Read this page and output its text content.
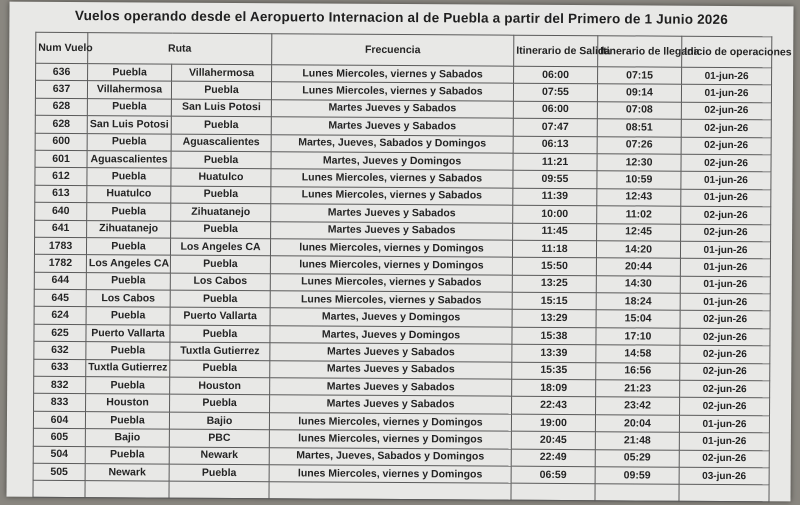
Vuelos operando desde el Aeropuerto Internacion al de Puebla a partir del Primero de 1 Junio 2026
Num Vuelo	Ruta		Frecuencia	Itinerario de Salida	Itinerario de llegada	Inicio de operaciones
636	Puebla	Villahermosa	Lunes Miercoles, viernes y Sabados	06:00	07:15	01-jun-26
637	Villahermosa	Puebla	Lunes Miercoles, viernes y Sabados	07:55	09:14	01-jun-26
628	Puebla	San Luis Potosi	Martes Jueves y Sabados	06:00	07:08	02-jun-26
628	San Luis Potosi	Puebla	Martes Jueves y Sabados	07:47	08:51	02-jun-26
600	Puebla	Aguascalientes	Martes, Jueves, Sabados y Domingos	06:13	07:26	02-jun-26
601	Aguascalientes	Puebla	Martes, Jueves y Domingos	11:21	12:30	02-jun-26
612	Puebla	Huatulco	Lunes Miercoles, viernes y Sabados	09:55	10:59	01-jun-26
613	Huatulco	Puebla	Lunes Miercoles, viernes y Sabados	11:39	12:43	01-jun-26
640	Puebla	Zihuatanejo	Martes Jueves y Sabados	10:00	11:02	02-jun-26
641	Zihuatanejo	Puebla	Martes Jueves y Sabados	11:45	12:45	02-jun-26
1783	Puebla	Los Angeles CA	lunes Miercoles, viernes y Domingos	11:18	14:20	01-jun-26
1782	Los Angeles CA	Puebla	lunes Miercoles, viernes y Domingos	15:50	20:44	01-jun-26
644	Puebla	Los Cabos	Lunes Miercoles, viernes y Sabados	13:25	14:30	01-jun-26
645	Los Cabos	Puebla	Lunes Miercoles, viernes y Sabados	15:15	18:24	01-jun-26
624	Puebla	Puerto Vallarta	Martes, Jueves y Domingos	13:29	15:04	02-jun-26
625	Puerto Vallarta	Puebla	Martes, Jueves y Domingos	15:38	17:10	02-jun-26
632	Puebla	Tuxtla Gutierrez	Martes Jueves y Sabados	13:39	14:58	02-jun-26
633	Tuxtla Gutierrez	Puebla	Martes Jueves y Sabados	15:35	16:56	02-jun-26
832	Puebla	Houston	Martes Jueves y Sabados	18:09	21:23	02-jun-26
833	Houston	Puebla	Martes Jueves y Sabados	22:43	23:42	02-jun-26
604	Puebla	Bajio	lunes Miercoles, viernes y Domingos	19:00	20:04	01-jun-26
605	Bajio	PBC	lunes Miercoles, viernes y Domingos	20:45	21:48	01-jun-26
504	Puebla	Newark	Martes, Jueves, Sabados y Domingos	22:49	05:29	02-jun-26
505	Newark	Puebla	lunes Miercoles, viernes y Domingos	06:59	09:59	03-jun-26
